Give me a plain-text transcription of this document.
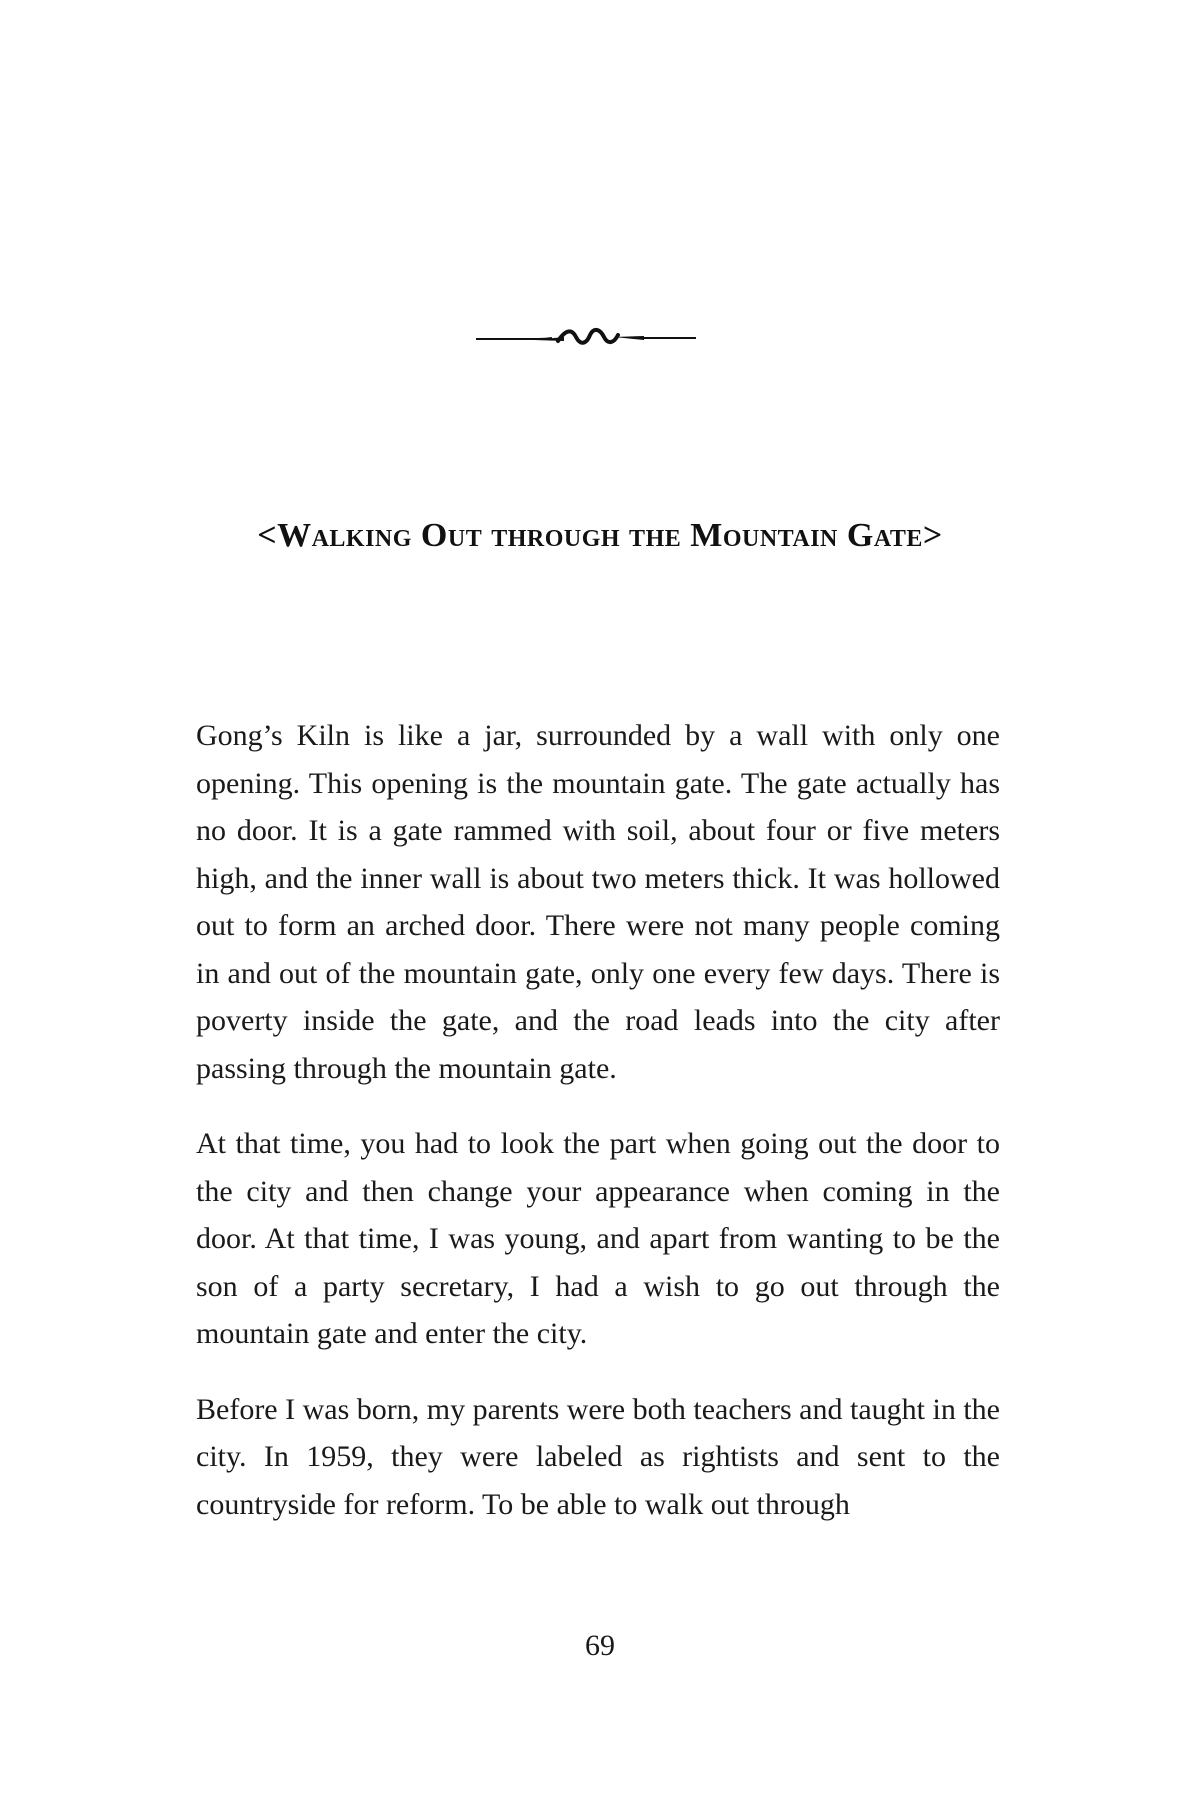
<Walking Out through the Mountain Gate>

Gong’s Kiln is like a jar, surrounded by a wall with only one opening. This opening is the mountain gate. The gate actually has no door. It is a gate rammed with soil, about four or five meters high, and the inner wall is about two meters thick. It was hollowed out to form an arched door. There were not many people coming in and out of the mountain gate, only one every few days. There is poverty inside the gate, and the road leads into the city after passing through the mountain gate.

At that time, you had to look the part when going out the door to the city and then change your appearance when coming in the door. At that time, I was young, and apart from wanting to be the son of a party secretary, I had a wish to go out through the mountain gate and enter the city.

Before I was born, my parents were both teachers and taught in the city. In 1959, they were labeled as rightists and sent to the countryside for reform. To be able to walk out through

69
